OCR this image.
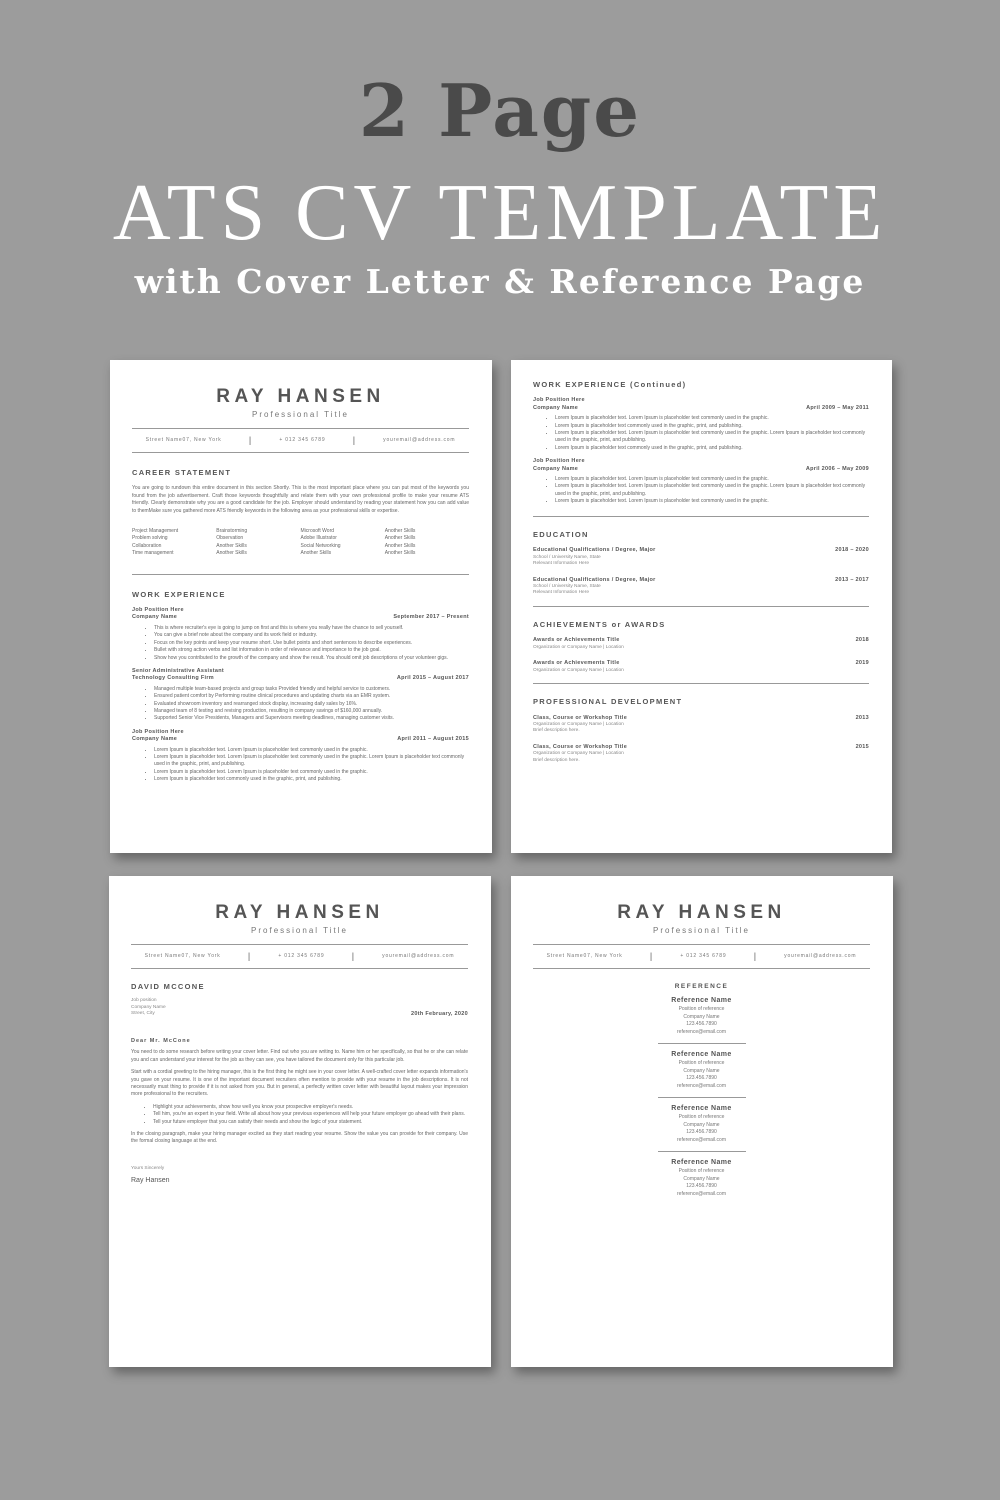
2 Page
ATS CV TEMPLATE
with Cover Letter & Reference Page
RAY HANSEN
Professional Title
Street Name07, New York	|	+ 012 345 6789	|	youremail@address.com
CAREER STATEMENT

You are going to rundown this entire document in this section Shortly. This is the most important place where you can put most of the keywords you found from the job advertisement. Craft those keywords thoughtfully and relate them with your own professional profile to make your resume ATS friendly. Clearly demonstrate why you are a good candidate for the job. Employer should understand by reading your statement how you can add value to themMake sure you gathered more ATS friendly keywords in the following area as your professional skills or expertise.

Project Management	Brainstorming	Microsoft Word	Another Skills
Problem solving	Observation	Adobe Illustrator	Another Skills
Collaboration	Another Skills	Social Networking	Another Skills
Time management	Another Skills	Another Skills	Another Skills
WORK EXPERIENCE
Job Position Here
Company Name	September 2017 – Present
• This is where recruiter's eye is going to jump on first and this is where you really have the chance to sell yourself.
• You can give a brief note about the company and its work field or industry.
• Focus on the key points and keep your resume short. Use bullet points and short sentences to describe experiences.
• Bullet with strong action verbs and list information in order of relevance and importance to the job goal.
• Show how you contributed to the growth of the company and show the result. You should omit job descriptions of your volunteer gigs.
Senior Administrative Assistant
Technology Consulting Firm	April 2015 – August 2017
• Managed multiple team-based projects and group tasks Provided friendly and helpful service to customers.
• Ensured patient comfort by Performing routine clinical procedures and updating charts via an EMR system.
• Evaluated showroom inventory and rearranged stock display, increasing daily sales by 16%.
• Managed team of 8 testing and revising production, resulting in company savings of $160,000 annually.
• Supported Senior Vice Presidents, Managers and Supervisors meeting deadlines, managing customer visits.
Job Position Here
Company Name	April 2011 – August 2015
• Lorem Ipsum is placeholder text. Lorem Ipsum is placeholder text commonly used in the graphic.
• Lorem Ipsum is placeholder text. Lorem Ipsum is placeholder text commonly used in the graphic. Lorem Ipsum is placeholder text commonly used in the graphic, print, and publishing.
• Lorem Ipsum is placeholder text. Lorem Ipsum is placeholder text commonly used in the graphic.
• Lorem Ipsum is placeholder text commonly used in the graphic, print, and publishing.
WORK EXPERIENCE (Continued)
Job Position Here
Company Name	April 2009 – May 2011
• Lorem Ipsum is placeholder text. Lorem Ipsum is placeholder text commonly used in the graphic.
• Lorem Ipsum is placeholder text commonly used in the graphic, print, and publishing.
• Lorem Ipsum is placeholder text. Lorem Ipsum is placeholder text commonly used in the graphic. Lorem Ipsum is placeholder text commonly used in the graphic, print, and publishing.
• Lorem Ipsum is placeholder text commonly used in the graphic, print, and publishing.
Job Position Here
Company Name	April 2006 – May 2009
• Lorem Ipsum is placeholder text. Lorem Ipsum is placeholder text commonly used in the graphic.
• Lorem Ipsum is placeholder text. Lorem Ipsum is placeholder text commonly used in the graphic. Lorem Ipsum is placeholder text commonly used in the graphic, print, and publishing.
• Lorem Ipsum is placeholder text. Lorem Ipsum is placeholder text commonly used in the graphic.
EDUCATION
Educational Qualifications / Degree, Major	2018 – 2020
School / University Name, State
Relevant Information Here
Educational Qualifications / Degree, Major	2013 – 2017
School / University Name, State
Relevant Information Here
ACHIEVEMENTS or AWARDS
Awards or Achievements Title	2018
Organization or Company Name | Location
Awards or Achievements Title	2019
Organization or Company Name | Location
PROFESSIONAL DEVELOPMENT
Class, Course or Workshop Title	2013
Organization or Company Name | Location
Brief description here.
Class, Course or Workshop Title	2015
Organization or Company Name | Location
Brief description here.
RAY HANSEN
Professional Title
Street Name07, New York	|	+ 012 345 6789	|	youremail@address.com
DAVID MCCONE
Job position
Company Name
Street, City	20th February, 2020
Dear Mr. McCone

You need to do some research before writing your cover letter. Find out who you are writing to. Name him or her specifically, so that he or she can relate you and can understand your interest for the job as they can see, you have tailored the document only for this particular job.

Start with a cordial greeting to the hiring manager, this is the first thing he might see in your cover letter. A well-crafted cover letter expands information's you gave on your resume. It is one of the important document recruiters often mention to provide with your resume in the job descriptions. It is not necessarily must thing to provide if it is not asked from you. But in general, a perfectly written cover letter with beautiful layout makes your impression more professional to the recruiters.

• Highlight your achievements, show how well you know your prospective employer's needs.
• Tell him, you're an expert in your field. Write all about how your previous experiences will help your future employer go ahead with their plans.
• Tell your future employer that you can satisfy their needs and show the logic of your statement.

In the closing paragraph, make your hiring manager excited as they start reading your resume. Show the value you can provide for their company. Use the formal closing language at the end.

Yours Sincerely
Ray Hansen
RAY HANSEN
Professional Title
Street Name07, New York	|	+ 012 345 6789	|	youremail@address.com
REFERENCE
Reference Name
Position of reference
Company Name
123.456.7890
reference@email.com
Reference Name
Position of reference
Company Name
123.456.7890
reference@email.com
Reference Name
Position of reference
Company Name
123.456.7890
reference@email.com
Reference Name
Position of reference
Company Name
123.456.7890
reference@email.com
